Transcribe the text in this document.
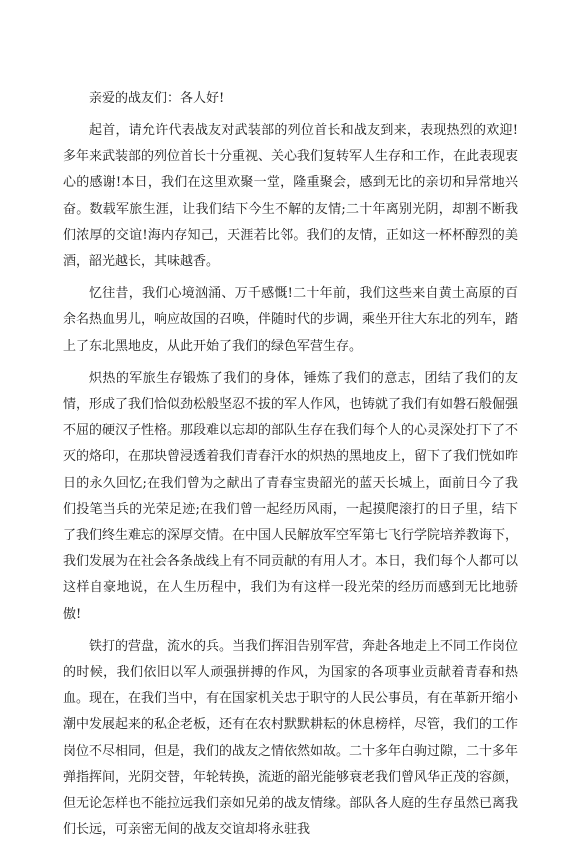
亲爱的战友们：各人好!

起首，请允许代表战友对武装部的列位首长和战友到来，表现热烈的欢迎!多年来武装部的列位首长十分重视、关心我们复转军人生存和工作，在此表现衷心的感谢!本日，我们在这里欢聚一堂，隆重聚会，感到无比的亲切和异常地兴奋。数载军旅生涯，让我们结下今生不解的友情;二十年离别光阴，却割不断我们浓厚的交谊!海内存知己，天涯若比邻。我们的友情，正如这一杯杯醇烈的美酒，韶光越长，其味越香。

忆往昔，我们心境汹涌、万千感慨!二十年前，我们这些来自黄土高原的百余名热血男儿，响应故国的召唤，伴随时代的步调，乘坐开往大东北的列车，踏上了东北黑地皮，从此开始了我们的绿色军营生存。

炽热的军旅生存锻炼了我们的身体，锤炼了我们的意志，团结了我们的友情，形成了我们恰似劲松般坚忍不拔的军人作风，也铸就了我们有如磐石般倔强不屈的硬汉子性格。那段难以忘却的部队生存在我们每个人的心灵深处打下了不灭的烙印，在那块曾浸透着我们青春汗水的炽热的黑地皮上，留下了我们恍如昨日的永久回忆;在我们曾为之献出了青春宝贵韶光的蓝天长城上，面前日今了我们投笔当兵的光荣足迹;在我们曾一起经历风雨，一起摸爬滚打的日子里，结下了我们终生难忘的深厚交情。在中国人民解放军空军第七飞行学院培养教诲下，我们发展为在社会各条战线上有不同贡献的有用人才。本日，我们每个人都可以这样自豪地说，在人生历程中，我们为有这样一段光荣的经历而感到无比地骄傲!

铁打的营盘，流水的兵。当我们挥泪告别军营，奔赴各地走上不同工作岗位的时候，我们依旧以军人顽强拼搏的作风，为国家的各项事业贡献着青春和热血。现在，在我们当中，有在国家机关忠于职守的人民公事员，有在革新开缩小潮中发展起来的私企老板，还有在农村默默耕耘的休息榜样，尽管，我们的工作岗位不尽相同，但是，我们的战友之情依然如故。二十多年白驹过隙，二十多年弹指挥间，光阴交替，年轮转换，流逝的韶光能够衰老我们曾风华正茂的容颜，但无论怎样也不能拉远我们亲如兄弟的战友情缘。部队各人庭的生存虽然已离我们长远，可亲密无间的战友交谊却将永驻我
